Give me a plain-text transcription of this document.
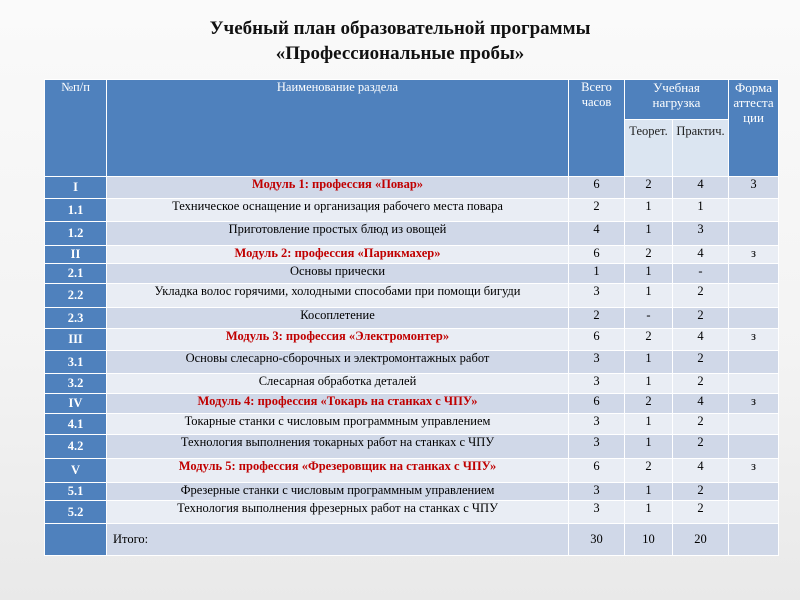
Учебный план образовательной программы
«Профессиональные пробы»
№п/п	Наименование раздела	Всего часов	Учебная нагрузка		Форма аттестации
			Теорет.	Практич.	
I	Модуль 1: профессия «Повар»	6	2	4	3
1.1	Техническое оснащение и организация рабочего места повара	2	1	1	
1.2	Приготовление простых блюд из овощей	4	1	3	
II	Модуль 2: профессия «Парикмахер»	6	2	4	з
2.1	Основы прически	1	1	-	
2.2	Укладка волос горячими, холодными способами при помощи бигуди	3	1	2	
2.3	Косоплетение	2	-	2	
III	Модуль 3: профессия «Электромонтер»	6	2	4	з
3.1	Основы слесарно-сборочных и электромонтажных работ	3	1	2	
3.2	Слесарная обработка деталей	3	1	2	
IV	Модуль 4: профессия «Токарь на станках с ЧПУ»	6	2	4	з
4.1	Токарные станки с числовым программным управлением	3	1	2	
4.2	Технология выполнения токарных работ на станках с ЧПУ	3	1	2	
V	Модуль 5: профессия «Фрезеровщик на станках с ЧПУ»	6	2	4	з
5.1	Фрезерные станки с числовым программным управлением	3	1	2	
5.2	Технология выполнения фрезерных работ на станках с ЧПУ	3	1	2	
	Итого:	30	10	20	
